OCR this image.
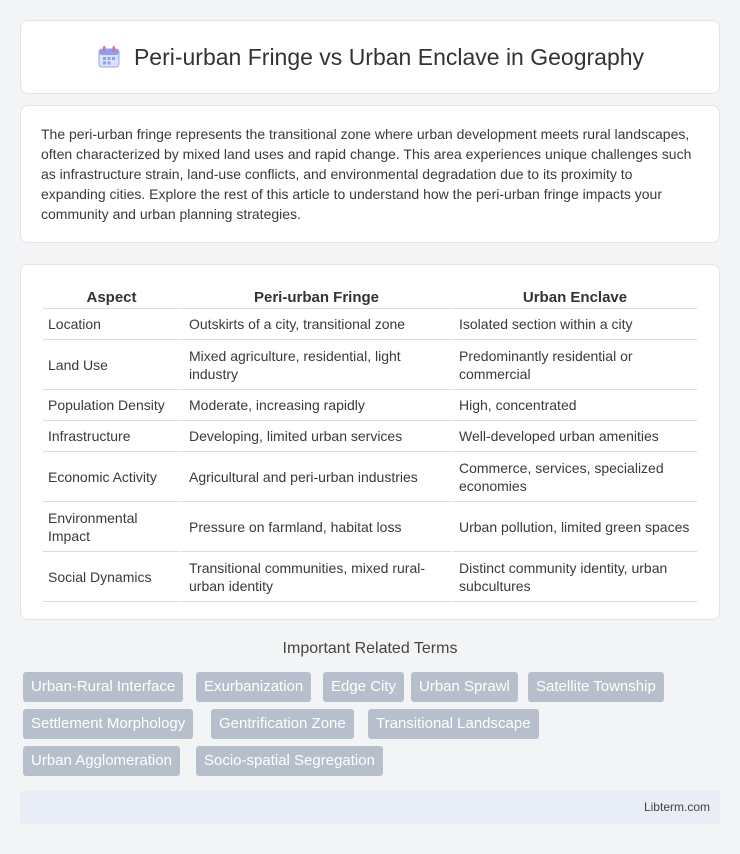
Peri-urban Fringe vs Urban Enclave in Geography

The peri-urban fringe represents the transitional zone where urban development meets rural landscapes, often characterized by mixed land uses and rapid change. This area experiences unique challenges such as infrastructure strain, land-use conflicts, and environmental degradation due to its proximity to expanding cities. Explore the rest of this article to understand how the peri-urban fringe impacts your community and urban planning strategies.

Aspect	Peri-urban Fringe	Urban Enclave
Location	Outskirts of a city, transitional zone	Isolated section within a city
Land Use	Mixed agriculture, residential, light industry	Predominantly residential or commercial
Population Density	Moderate, increasing rapidly	High, concentrated
Infrastructure	Developing, limited urban services	Well-developed urban amenities
Economic Activity	Agricultural and peri-urban industries	Commerce, services, specialized economies
Environmental Impact	Pressure on farmland, habitat loss	Urban pollution, limited green spaces
Social Dynamics	Transitional communities, mixed rural-urban identity	Distinct community identity, urban subcultures
Important Related Terms
Urban-Rural Interface	Exurbanization	Edge City	Urban Sprawl	Satellite Township
Settlement Morphology	Gentrification Zone	Transitional Landscape
Urban Agglomeration	Socio-spatial Segregation
Libterm.com
